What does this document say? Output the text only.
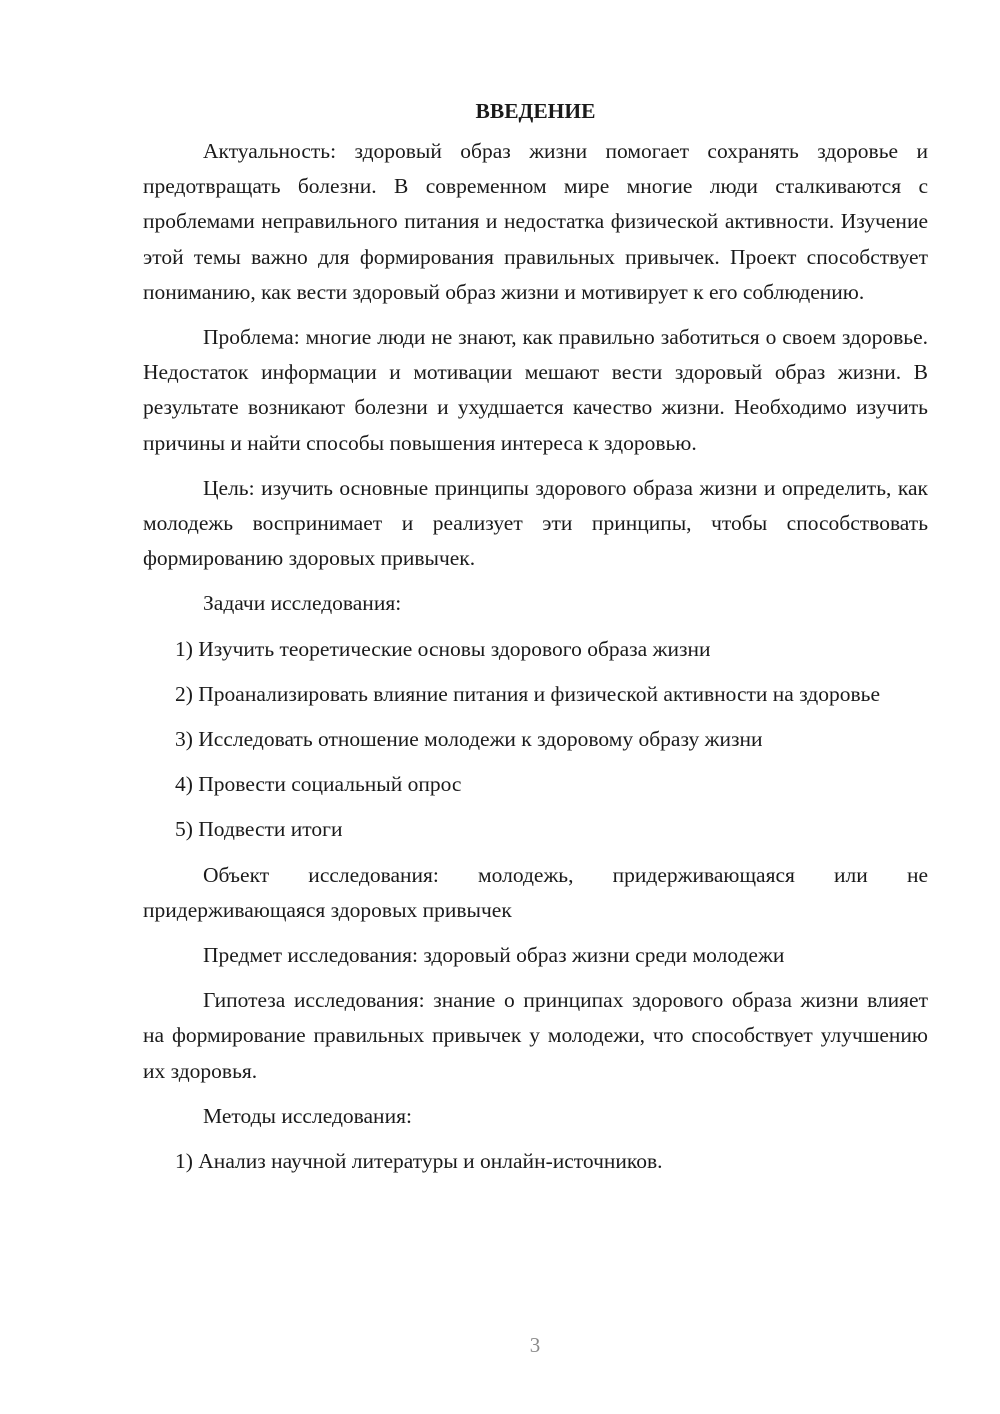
ВВЕДЕНИЕ

Актуальность: здоровый образ жизни помогает сохранять здоровье и предотвращать болезни. В современном мире многие люди сталкиваются с проблемами неправильного питания и недостатка физической активности. Изучение этой темы важно для формирования правильных привычек. Проект способствует пониманию, как вести здоровый образ жизни и мотивирует к его соблюдению.

Проблема: многие люди не знают, как правильно заботиться о своем здоровье. Недостаток информации и мотивации мешают вести здоровый образ жизни. В результате возникают болезни и ухудшается качество жизни. Необходимо изучить причины и найти способы повышения интереса к здоровью.

Цель: изучить основные принципы здорового образа жизни и определить, как молодежь воспринимает и реализует эти принципы, чтобы способствовать формированию здоровых привычек.

Задачи исследования:

1) Изучить теоретические основы здорового образа жизни

2) Проанализировать влияние питания и физической активности на здоровье

3) Исследовать отношение молодежи к здоровому образу жизни

4) Провести социальный опрос

5) Подвести итоги

Объект исследования: молодежь, придерживающаяся или не придерживающаяся здоровых привычек

Предмет исследования: здоровый образ жизни среди молодежи

Гипотеза исследования: знание о принципах здорового образа жизни влияет на формирование правильных привычек у молодежи, что способствует улучшению их здоровья.

Методы исследования:

1) Анализ научной литературы и онлайн-источников.

3
